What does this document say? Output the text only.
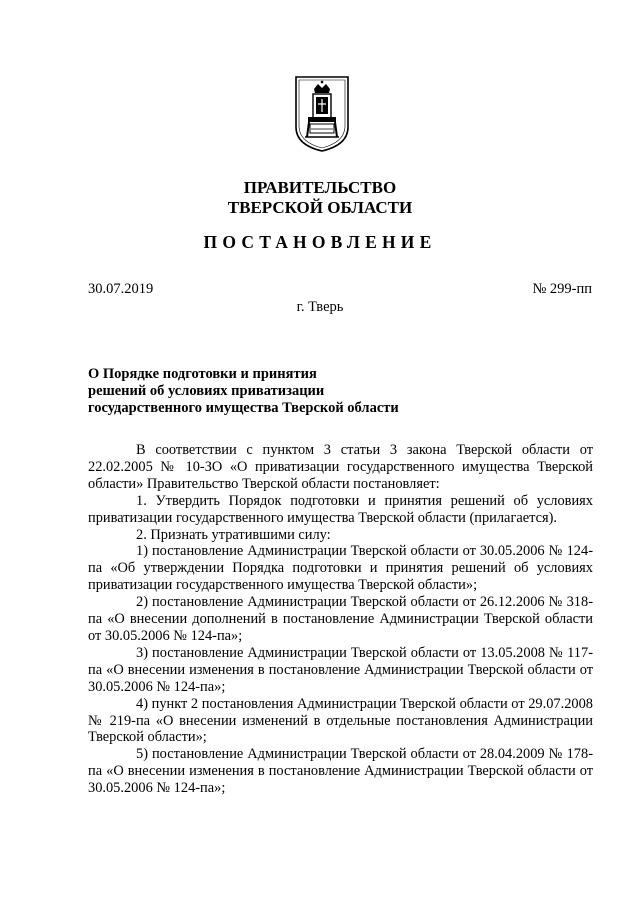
ПРАВИТЕЛЬСТВО
ТВЕРСКОЙ ОБЛАСТИ
ПОСТАНОВЛЕНИЕ
30.07.2019	№ 299-пп
г. Тверь
О Порядке подготовки и принятия
решений об условиях приватизации
государственного имущества Тверской области

В соответствии с пунктом 3 статьи 3 закона Тверской области от 22.02.2005 № 10-ЗО «О приватизации государственного имущества Тверской области» Правительство Тверской области постановляет:

1. Утвердить Порядок подготовки и принятия решений об условиях приватизации государственного имущества Тверской области (прилагается).

2. Признать утратившими силу:

1) постановление Администрации Тверской области от 30.05.2006 № 124-па «Об утверждении Порядка подготовки и принятия решений об условиях приватизации государственного имущества Тверской области»;

2) постановление Администрации Тверской области от 26.12.2006 № 318-па «О внесении дополнений в постановление Администрации Тверской области от 30.05.2006 № 124-па»;

3) постановление Администрации Тверской области от 13.05.2008 № 117-па «О внесении изменения в постановление Администрации Тверской области от 30.05.2006 № 124-па»;

4) пункт 2 постановления Администрации Тверской области от 29.07.2008 № 219-па «О внесении изменений в отдельные постановления Администрации Тверской области»;

5) постановление Администрации Тверской области от 28.04.2009 № 178-па «О внесении изменения в постановление Администрации Тверской области от 30.05.2006 № 124-па»;
